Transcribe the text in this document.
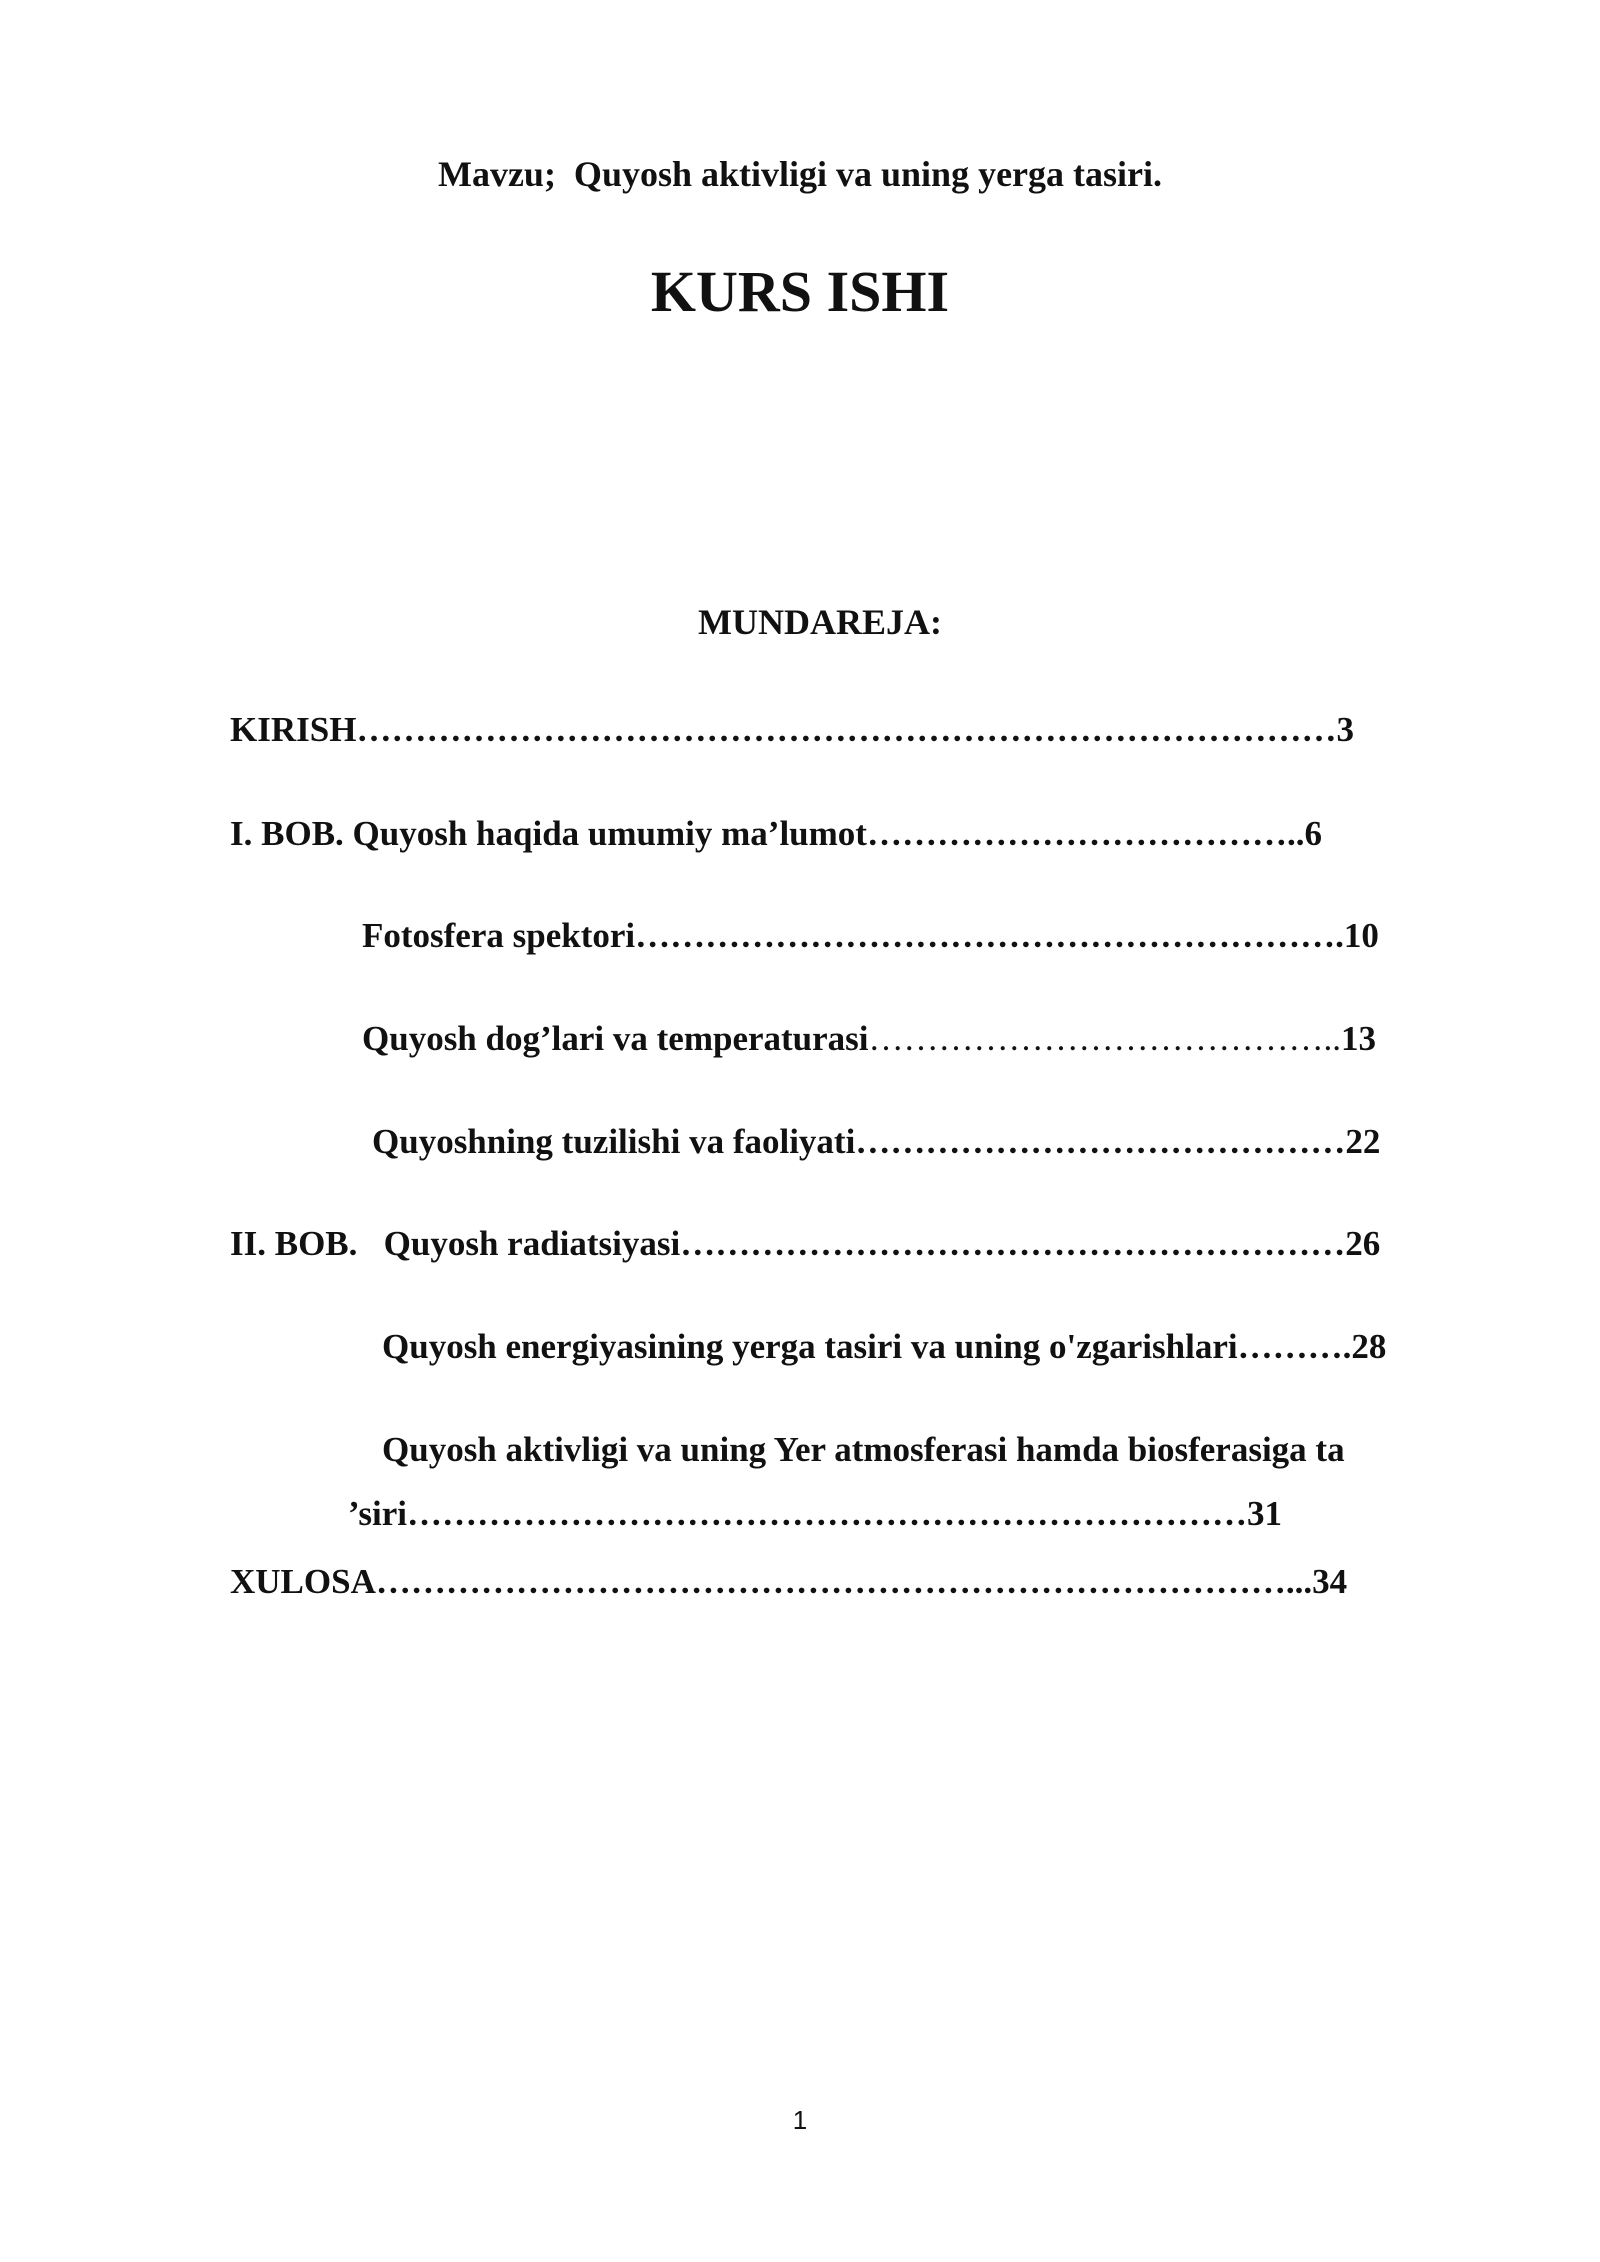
Mavzu;  Quyosh aktivligi va uning yerga tasiri.
KURS ISHI
MUNDAREJA:
KIRISH…………………………………………………………………………3
I. BOB. Quyosh haqida umumiy ma’lumot………………………………..6
Fotosfera spektori…………………………………………………….10
Quyosh dog’lari va temperaturasi…………………………………..13
Quyoshning tuzilishi va faoliyati……………………………………22
II. BOB.   Quyosh radiatsiyasi…………………………………………………26
Quyosh energiyasining yerga tasiri va uning o'zgarishlari……….28
Quyosh aktivligi va uning Yer atmosferasi hamda biosferasiga ta
’siri………………………………………………………………31
XULOSA……………………………………………………………………...34
1
